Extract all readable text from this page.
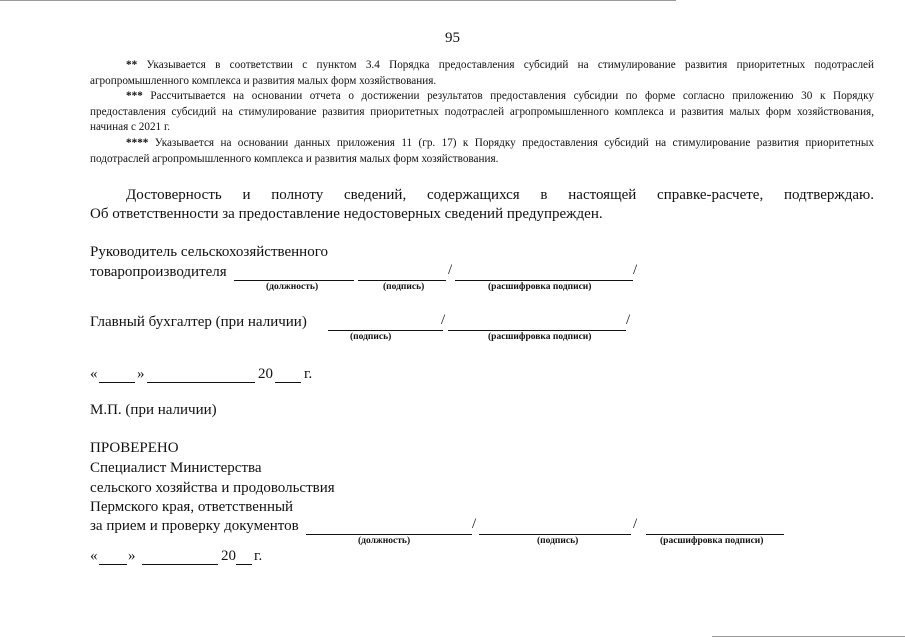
95
** Указывается в соответствии с пунктом 3.4 Порядка предоставления субсидий на стимулирование развития приоритетных подотраслей агропромышленного комплекса и развития малых форм хозяйствования.
*** Рассчитывается на основании отчета о достижении результатов предоставления субсидии по форме согласно приложению 30 к Порядку предоставления субсидий на стимулирование развития приоритетных подотраслей агропромышленного комплекса и развития малых форм хозяйствования, начиная с 2021 г.
**** Указывается на основании данных приложения 11 (гр. 17) к Порядку предоставления субсидий на стимулирование развития приоритетных подотраслей агропромышленного комплекса и развития малых форм хозяйствования.
Достоверность и полноту сведений, содержащихся в настоящей справке-расчете, подтверждаю.
Об ответственности за предоставление недостоверных сведений предупрежден.
Руководитель сельскохозяйственного
товаропроизводителя	/	/
(должность)	(подпись)	(расшифровка подписи)
Главный бухгалтер (при наличии)	/	/
(подпись)	(расшифровка подписи)
«	»	20 г.
М.П. (при наличии)
ПРОВЕРЕНО
Специалист Министерства
сельского хозяйства и продовольствия
Пермского края, ответственный
за прием и проверку документов	/	/
(должность)	(подпись)	(расшифровка подписи)
« »	20 г.
